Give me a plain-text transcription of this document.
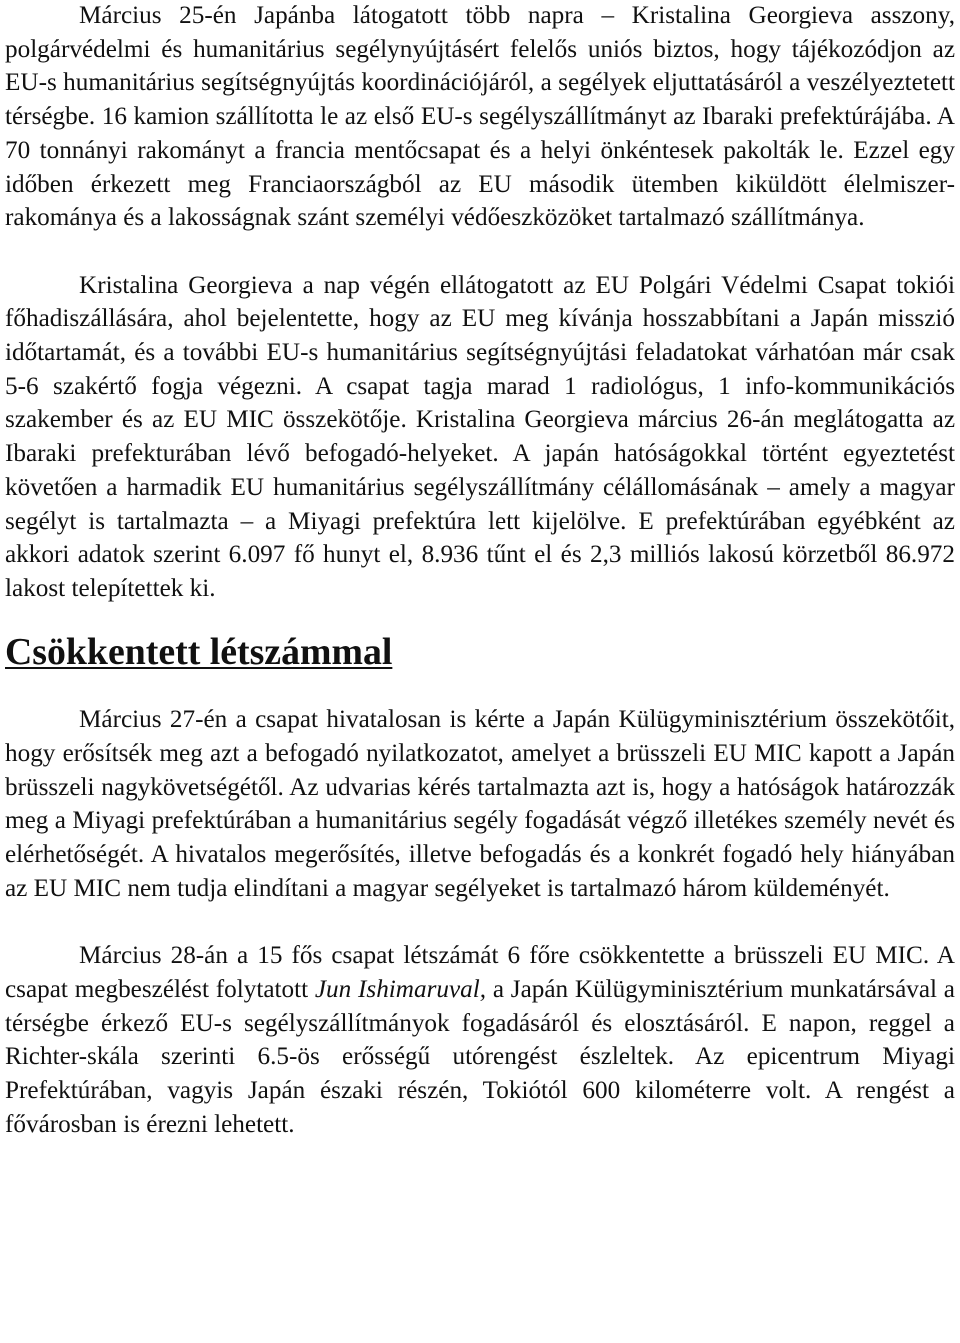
Március 25-én Japánba látogatott több napra – Kristalina Georgieva asszony, polgárvédelmi és humanitárius segélynyújtásért felelős uniós biztos, hogy tájékozódjon az EU-s humanitárius segítségnyújtás koordinációjáról, a segélyek eljuttatásáról a veszélyeztetett térségbe. 16 kamion szállította le az első EU-s segélyszállítmányt az Ibaraki prefektúrájába. A 70 tonnányi rakományt a francia mentőcsapat és a helyi önkéntesek pakolták le. Ezzel egy időben érkezett meg Franciaországból az EU második ütemben kiküldött élelmiszer-rakománya és a lakosságnak szánt személyi védőeszközöket tartalmazó szállítmánya.

Kristalina Georgieva a nap végén ellátogatott az EU Polgári Védelmi Csapat tokiói főhadiszállására, ahol bejelentette, hogy az EU meg kívánja hosszabbítani a Japán misszió időtartamát, és a további EU-s humanitárius segítségnyújtási feladatokat várhatóan már csak 5-6 szakértő fogja végezni. A csapat tagja marad 1 radiológus, 1 info-kommunikációs szakember és az EU MIC összekötője. Kristalina Georgieva március 26-án meglátogatta az Ibaraki prefekturában lévő befogadó-helyeket. A japán hatóságokkal történt egyeztetést követően a harmadik EU humanitárius segélyszállítmány célállomásának – amely a magyar segélyt is tartalmazta – a Miyagi prefektúra lett kijelölve. E prefektúrában egyébként az akkori adatok szerint 6.097 fő hunyt el, 8.936 tűnt el és 2,3 milliós lakosú körzetből 86.972 lakost telepítettek ki.

Csökkentett létszámmal

Március 27-én a csapat hivatalosan is kérte a Japán Külügyminisztérium összekötőit, hogy erősítsék meg azt a befogadó nyilatkozatot, amelyet a brüsszeli EU MIC kapott a Japán brüsszeli nagykövetségétől. Az udvarias kérés tartalmazta azt is, hogy a hatóságok határozzák meg a Miyagi prefektúrában a humanitárius segély fogadását végző illetékes személy nevét és elérhetőségét. A hivatalos megerősítés, illetve befogadás és a konkrét fogadó hely hiányában az EU MIC nem tudja elindítani a magyar segélyeket is tartalmazó három küldeményét.

Március 28-án a 15 fős csapat létszámát 6 főre csökkentette a brüsszeli EU MIC. A csapat megbeszélést folytatott Jun Ishimaruval, a Japán Külügyminisztérium munkatársával a térségbe érkező EU-s segélyszállítmányok fogadásáról és elosztásáról. E napon, reggel a Richter-skála szerinti 6.5-ös erősségű utórengést észleltek. Az epicentrum Miyagi Prefektúrában, vagyis Japán északi részén, Tokiótól 600 kilométerre volt. A rengést a fővárosban is érezni lehetett.
